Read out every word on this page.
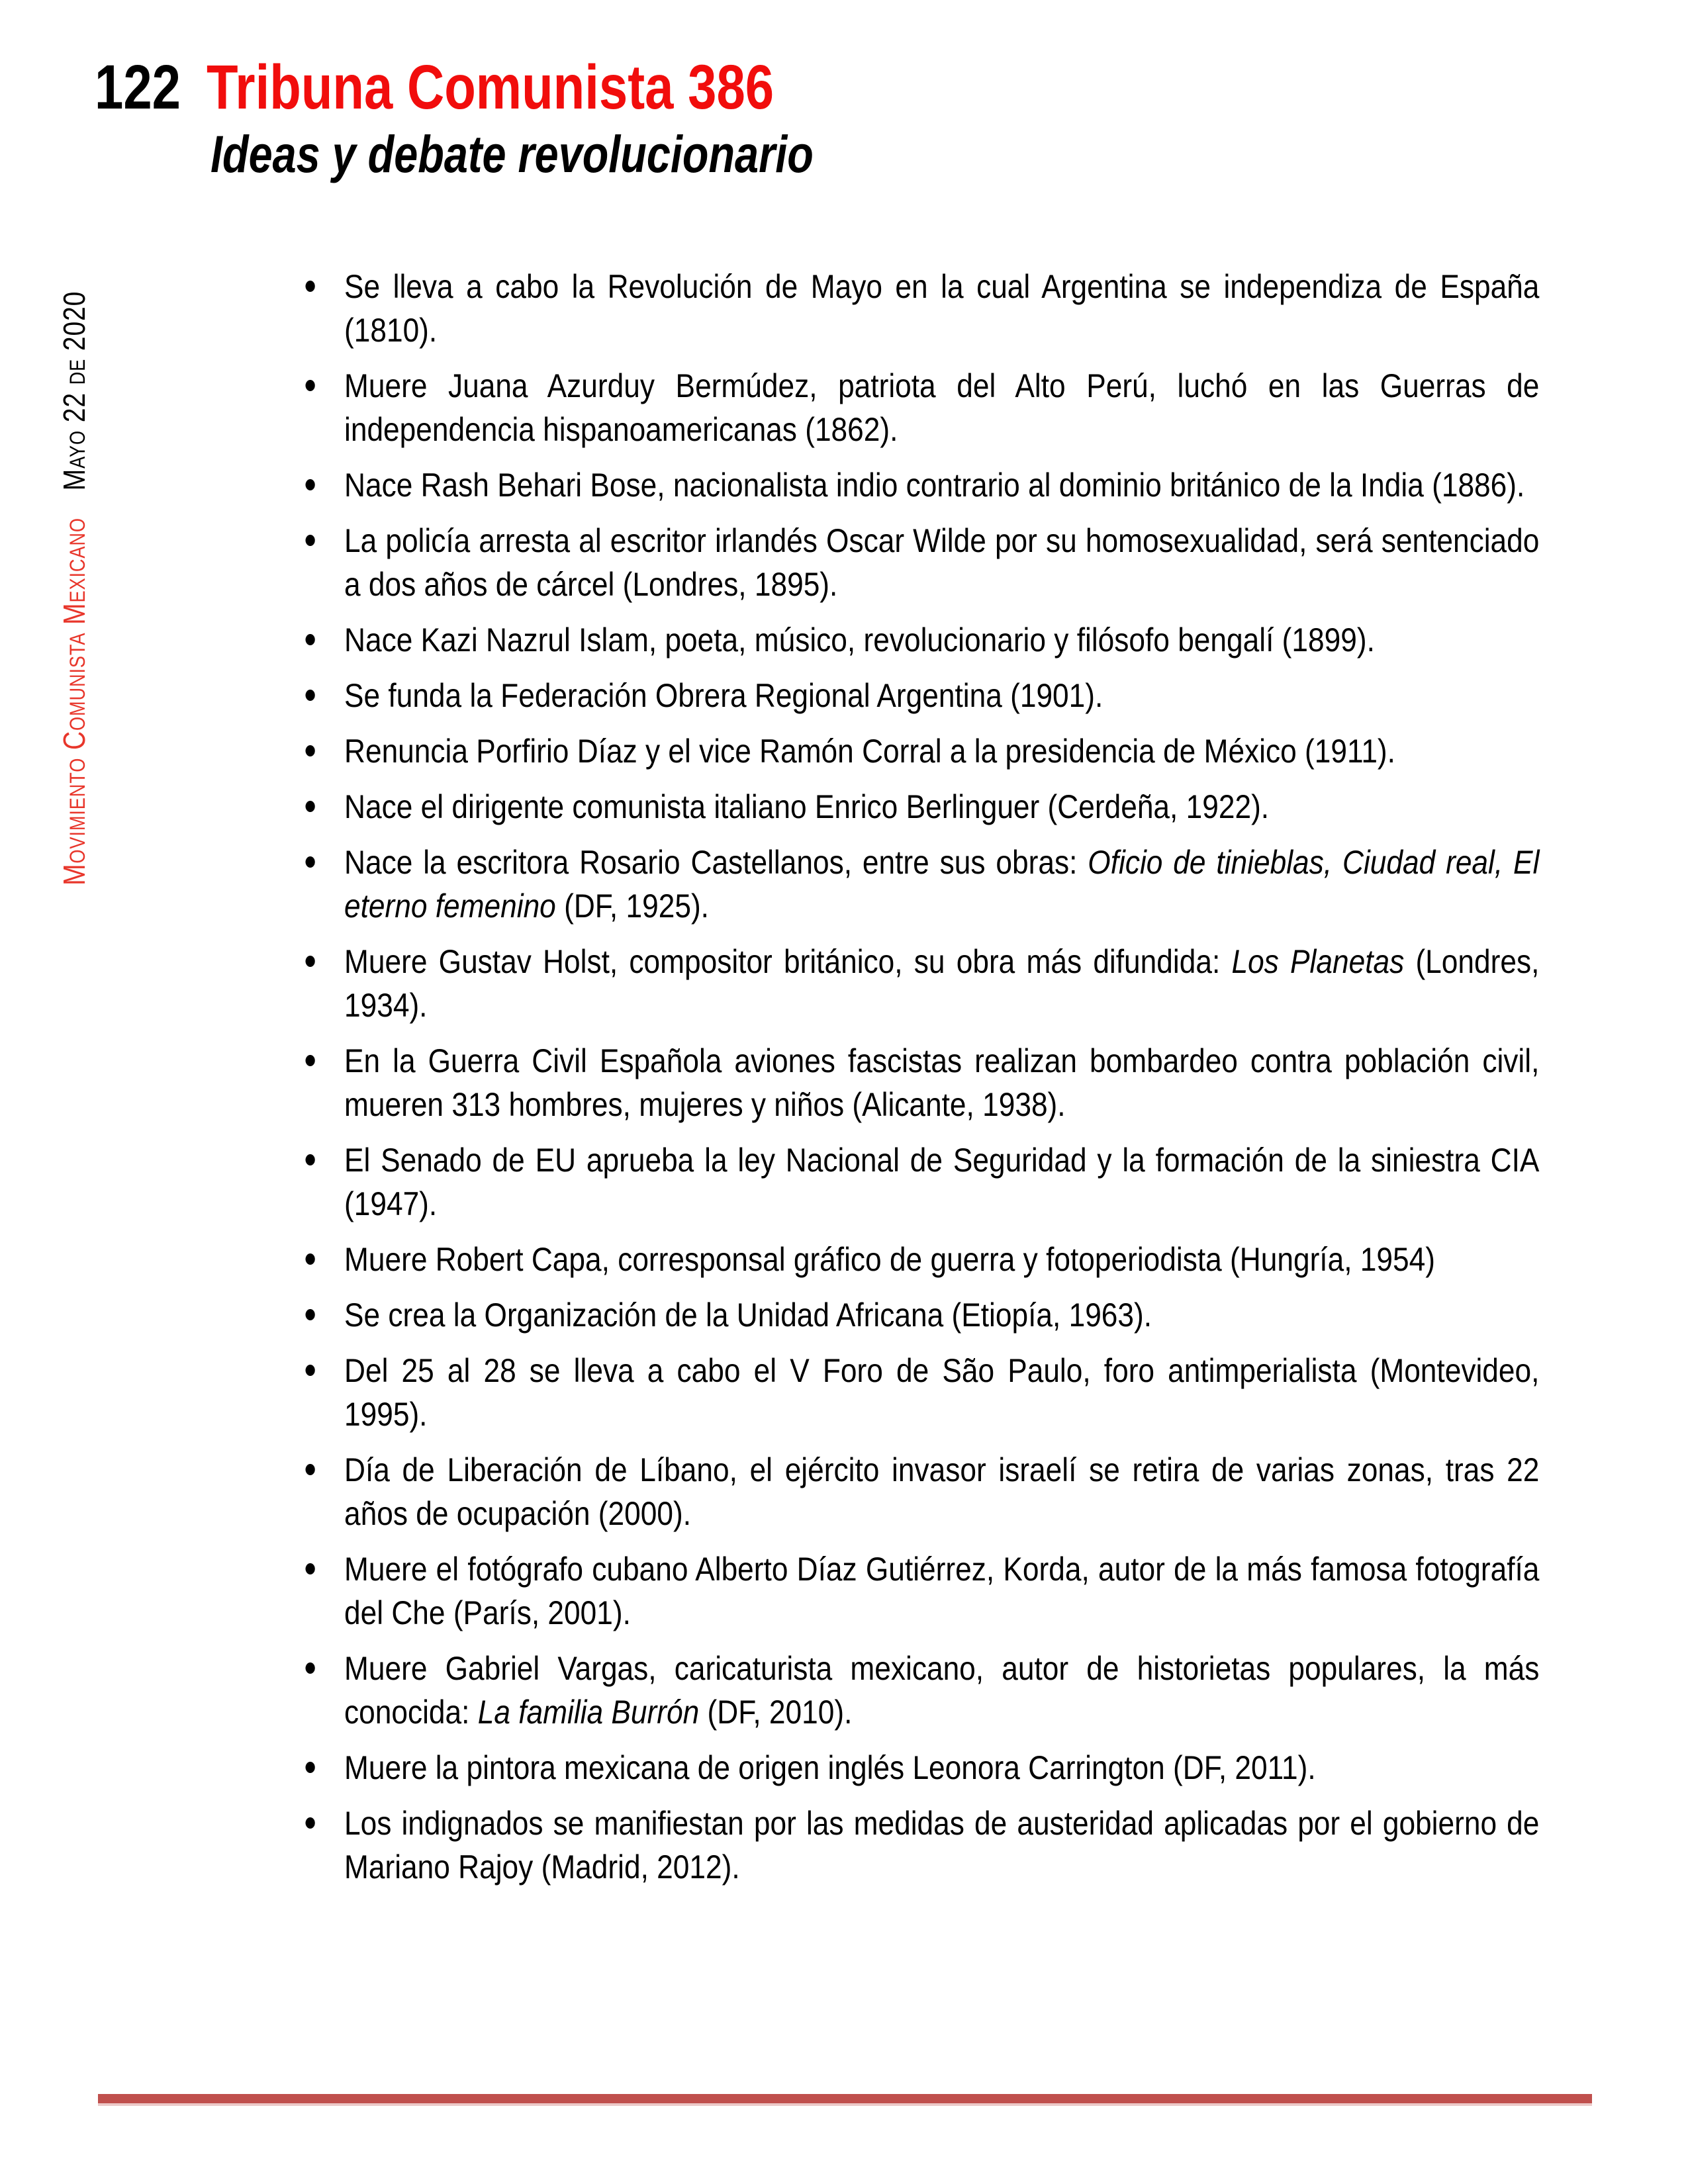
122 Tribuna Comunista 386
Ideas y debate revolucionario
Movimiento Comunista MexicanoMayo 22 de 2020
Se lleva a cabo la Revolución de Mayo en la cual Argentina se independiza de España (1810).
Muere Juana Azurduy Bermúdez, patriota del Alto Perú, luchó en las Guerras de independencia hispanoamericanas (1862).
Nace Rash Behari Bose, nacionalista indio contrario al dominio británico de la India (1886).
La policía arresta al escritor irlandés Oscar Wilde por su homosexualidad, será sentenciado a dos años de cárcel (Londres, 1895).
Nace Kazi Nazrul Islam, poeta, músico, revolucionario y filósofo bengalí (1899).
Se funda la Federación Obrera Regional Argentina (1901).
Renuncia Porfirio Díaz y el vice Ramón Corral a la presidencia de México (1911).
Nace el dirigente comunista italiano Enrico Berlinguer (Cerdeña, 1922).
Nace la escritora Rosario Castellanos, entre sus obras: Oficio de tinieblas, Ciudad real, El eterno femenino (DF, 1925).
Muere Gustav Holst, compositor británico, su obra más difundida: Los Planetas (Londres, 1934).
En la Guerra Civil Española aviones fascistas realizan bombardeo contra población civil, mueren 313 hombres, mujeres y niños (Alicante, 1938).
El Senado de EU aprueba la ley Nacional de Seguridad y la formación de la siniestra CIA (1947).
Muere Robert Capa, corresponsal gráfico de guerra y fotoperiodista (Hungría, 1954)
Se crea la Organización de la Unidad Africana (Etiopía, 1963).
Del 25 al 28 se lleva a cabo el V Foro de São Paulo, foro antimperialista (Montevideo, 1995).
Día de Liberación de Líbano, el ejército invasor israelí se retira de varias zonas, tras 22 años de ocupación (2000).
Muere el fotógrafo cubano Alberto Díaz Gutiérrez, Korda, autor de la más famosa fotografía del Che (París, 2001).
Muere Gabriel Vargas, caricaturista mexicano, autor de historietas populares, la más conocida: La familia Burrón (DF, 2010).
Muere la pintora mexicana de origen inglés Leonora Carrington (DF, 2011).
Los indignados se manifiestan por las medidas de austeridad aplicadas por el gobierno de Mariano Rajoy (Madrid, 2012).
